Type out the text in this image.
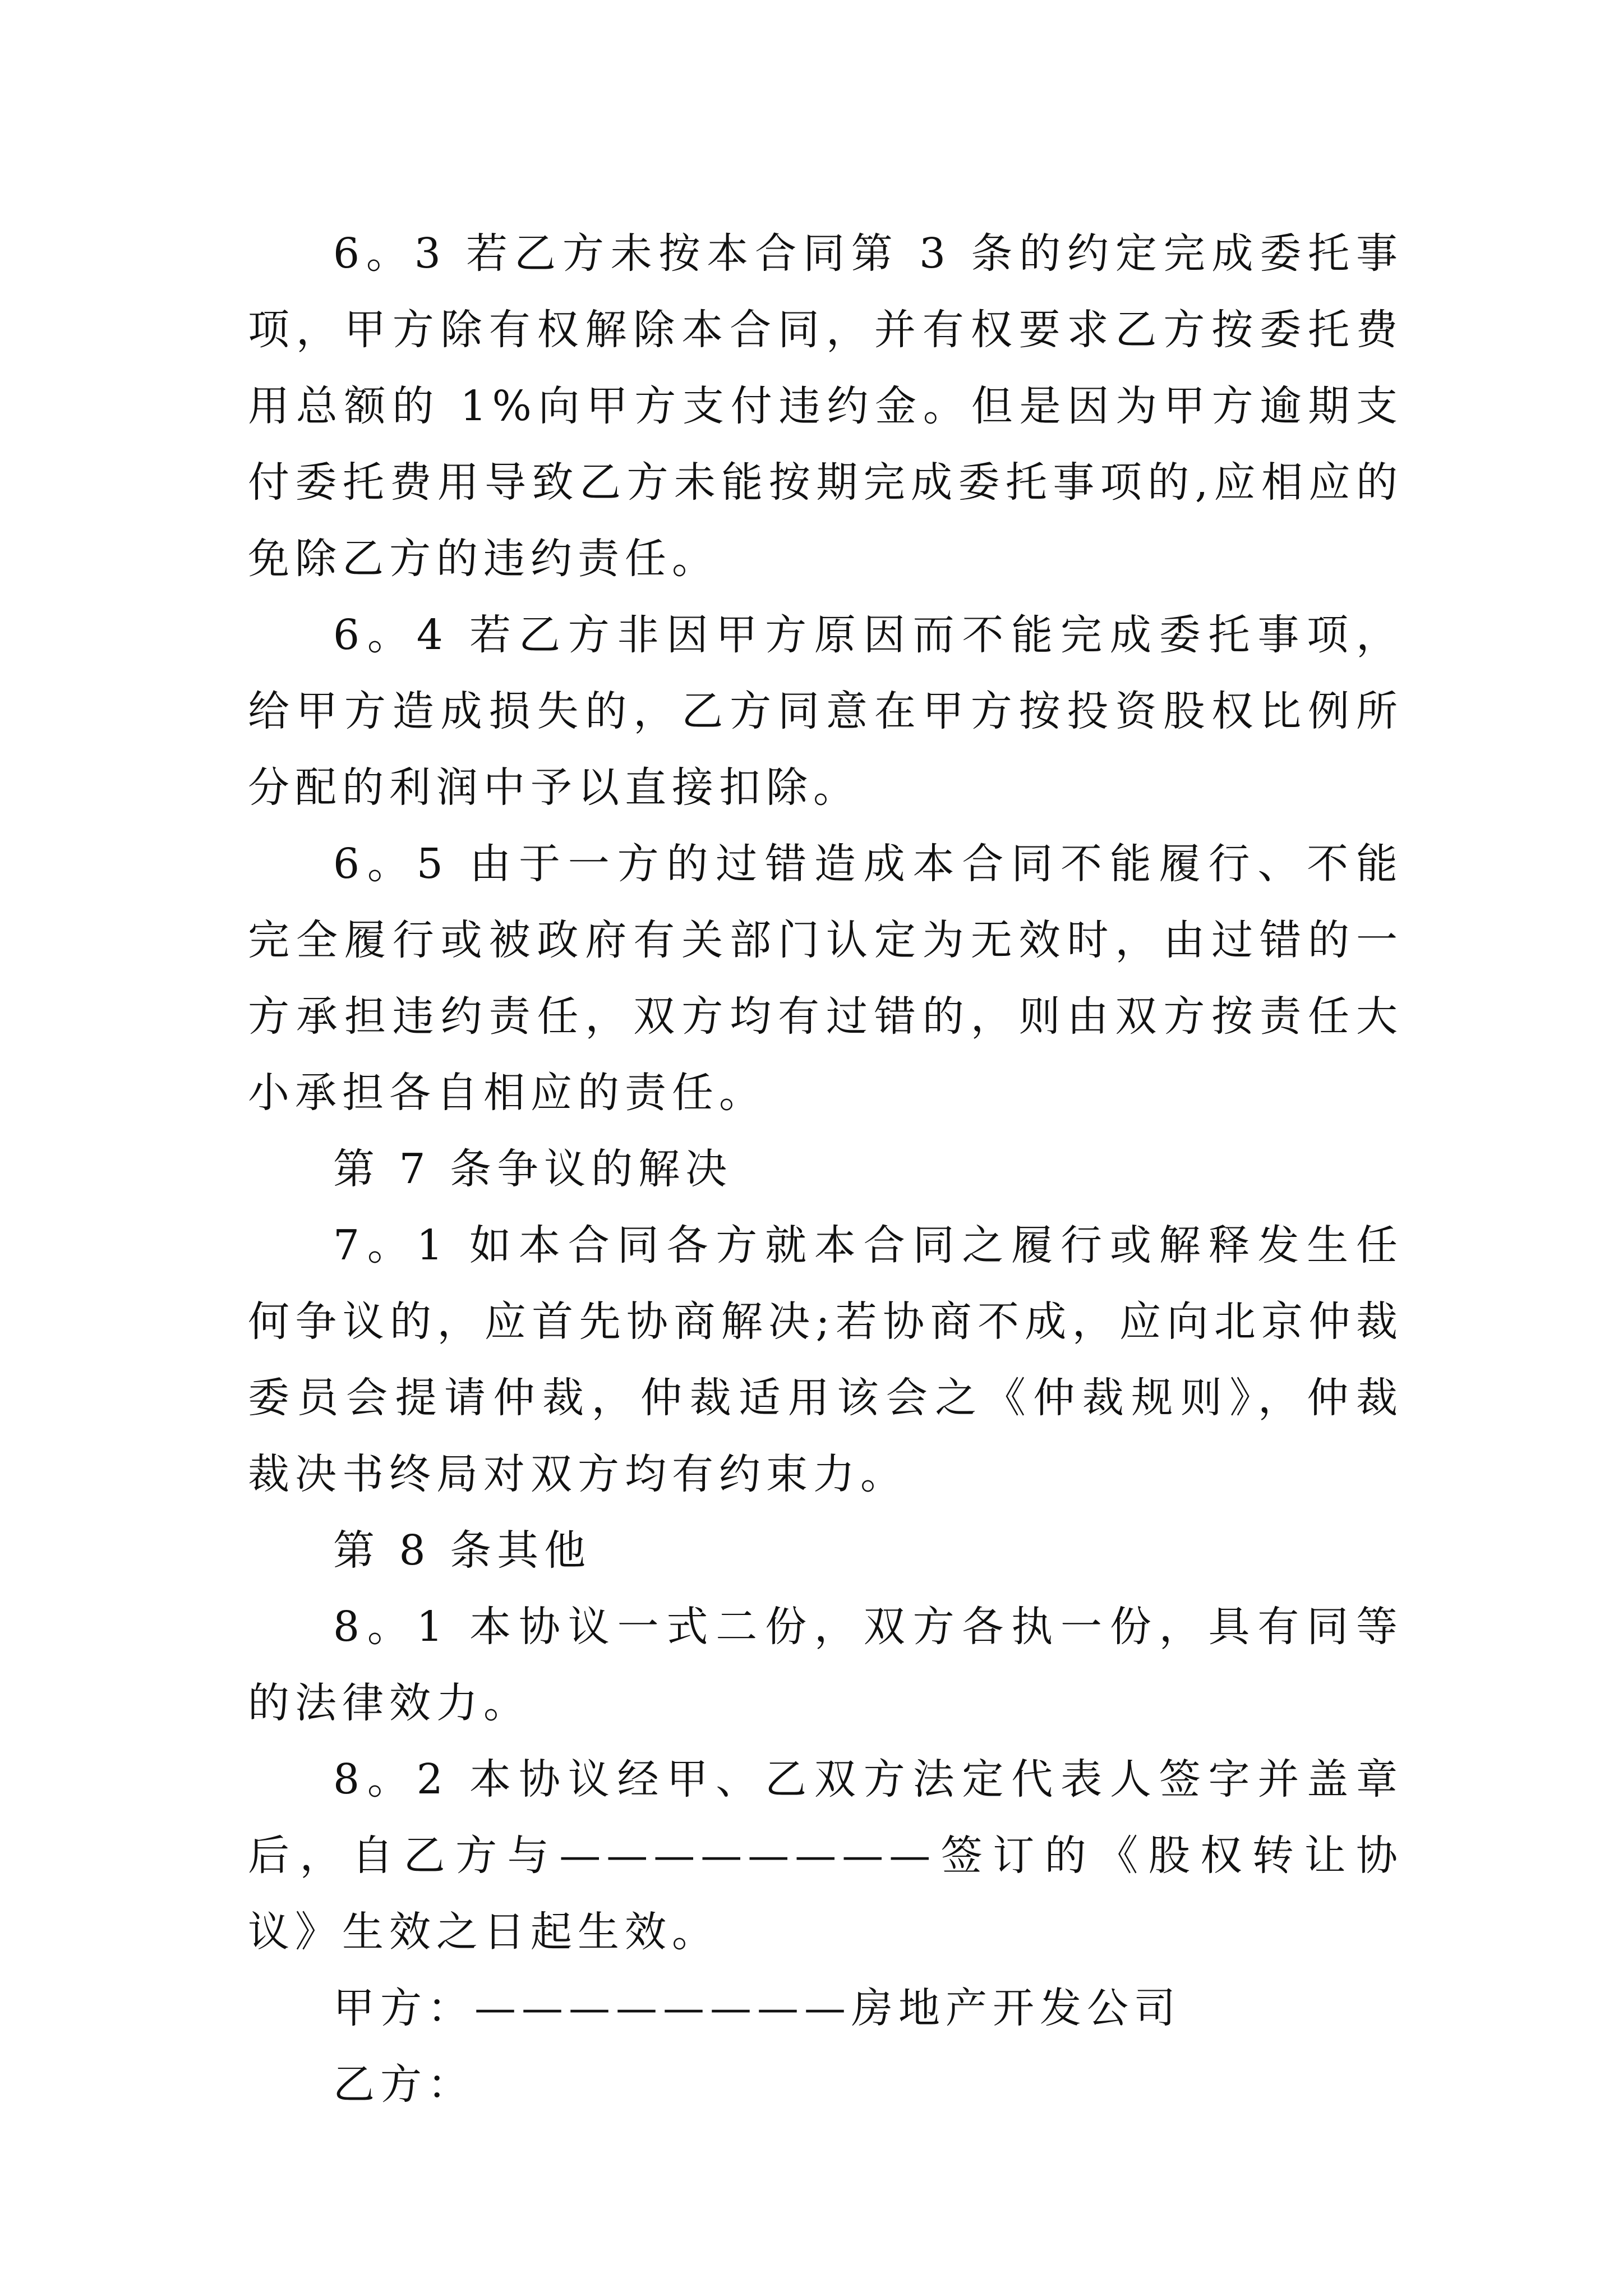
6。3 若乙方未按本合同第 3 条的约定完成委托事项，甲方除有权解除本合同，并有权要求乙方按委托费用总额的 1%向甲方支付违约金。但是因为甲方逾期支付委托费用导致乙方未能按期完成委托事项的,应相应的免除乙方的违约责任。

6。4 若乙方非因甲方原因而不能完成委托事项，给甲方造成损失的，乙方同意在甲方按投资股权比例所分配的利润中予以直接扣除。

6。5 由于一方的过错造成本合同不能履行、不能完全履行或被政府有关部门认定为无效时，由过错的一方承担违约责任，双方均有过错的，则由双方按责任大小承担各自相应的责任。

第 7 条争议的解决

7。1 如本合同各方就本合同之履行或解释发生任何争议的，应首先协商解决;若协商不成，应向北京仲裁委员会提请仲裁，仲裁适用该会之《仲裁规则》，仲裁裁决书终局对双方均有约束力。

第 8 条其他

8。1 本协议一式二份，双方各执一份，具有同等的法律效力。

8。2 本协议经甲、乙双方法定代表人签字并盖章后，自乙方与————————签订的《股权转让协议》生效之日起生效。

甲方：————————房地产开发公司

乙方：
